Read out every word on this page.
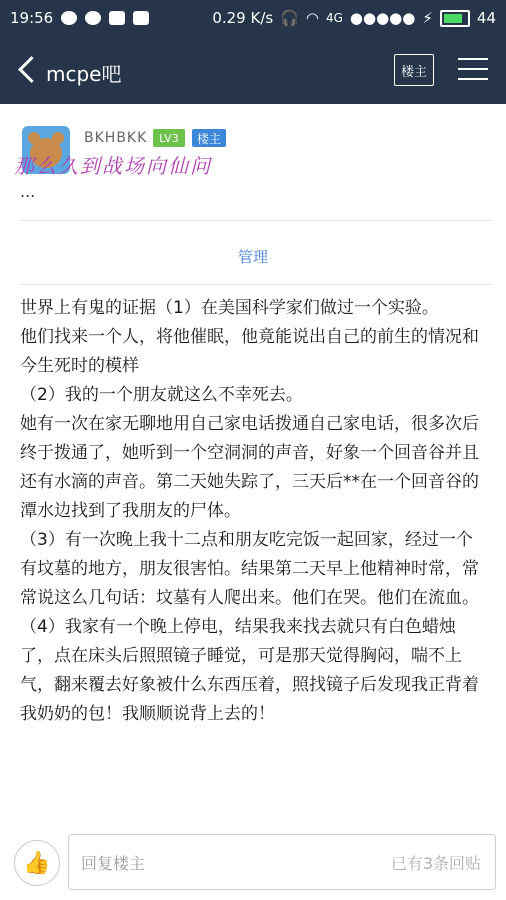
19:56	0.29 K/s 🎧 ◠ 4G ●●●●● ⚡	44
mcpe吧	楼主
BKHBKK	LV3	楼主
那么久到战场向仙问
...
管理

世界上有鬼的证据（1）在美国科学家们做过一个实验。

他们找来一个人，将他催眠，他竟能说出自己的前生的情况和今生死时的模样

（2）我的一个朋友就这么不幸死去。

她有一次在家无聊地用自己家电话拨通自己家电话，很多次后终于拨通了，她听到一个空洞洞的声音，好象一个回音谷并且还有水滴的声音。第二天她失踪了，三天后**在一个回音谷的潭水边找到了我朋友的尸体。

（3）有一次晚上我十二点和朋友吃完饭一起回家，经过一个有坟墓的地方，朋友很害怕。结果第二天早上他精神时常，常常说这么几句话：坟墓有人爬出来。他们在哭。他们在流血。

（4）我家有一个晚上停电，结果我来找去就只有白色蜡烛了，点在床头后照照镜子睡觉，可是那天觉得胸闷，喘不上气，翻来覆去好象被什么东西压着，照找镜子后发现我正背着我奶奶的包！我顺顺说背上去的！

👍	回复楼主	已有3条回贴
